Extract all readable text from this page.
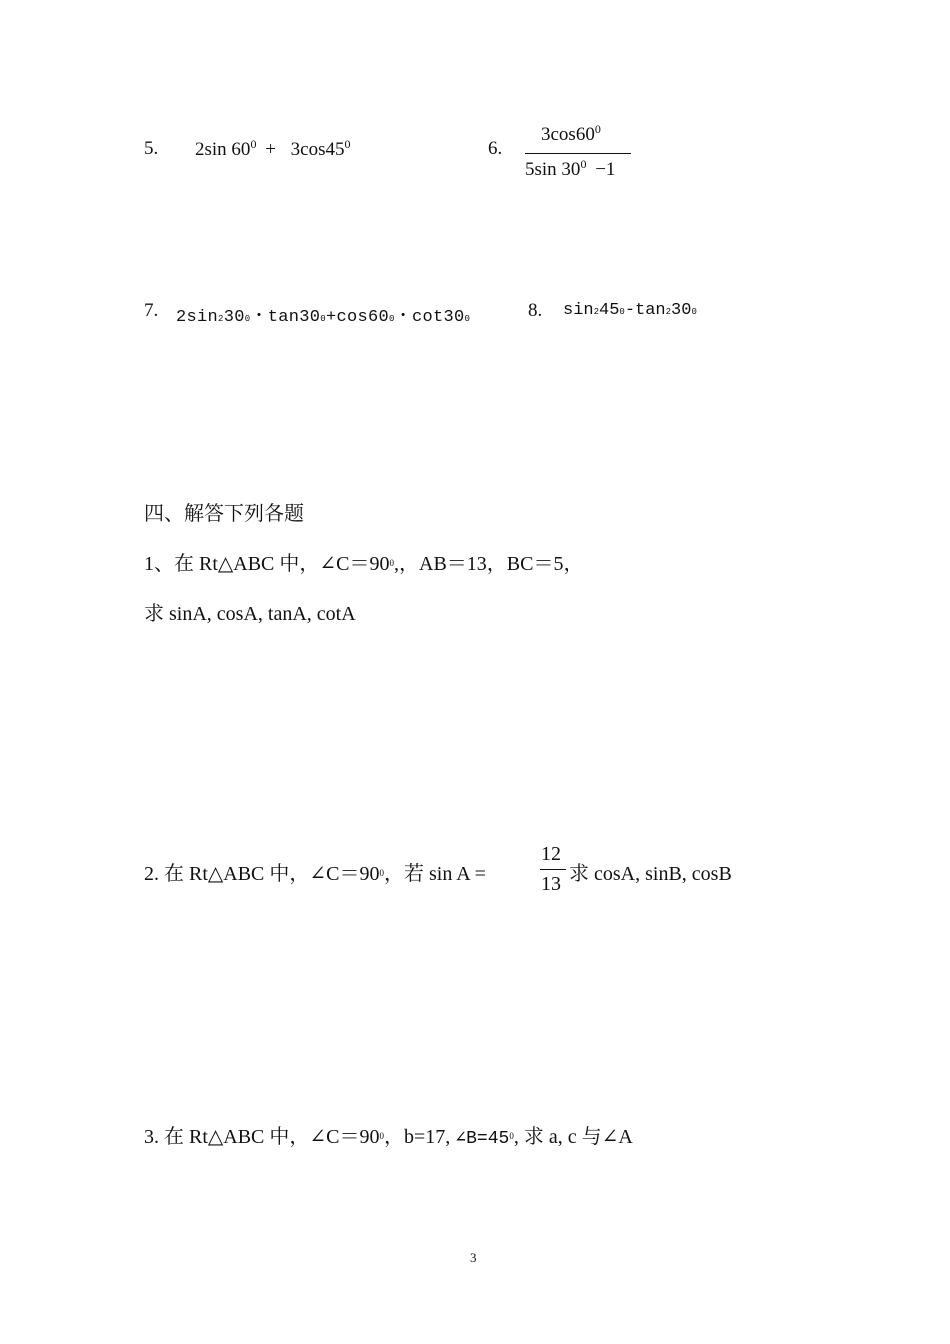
5. 2sin $60^0 + 3\cos 45^0$	6.
$3\cos 60^0$
5sin $30^0 -1$
7. 2sin2300・tan300+cos600・cot300	8. sin2450-tan2300
四、解答下列各题
1、在 Rt△ABC 中，$\angle C=90^0$,，AB＝13，BC＝5，
求 sinA, cosA, tanA, cotA
2. 在 Rt△ABC 中，$\angle C=90^0$，若 sin A =
12
13 求 cosA, sinB, cosB
3. 在 Rt△ABC 中，$\angle C=90^0$，b=17, $\angle B=45^0$, 求 a, c 与∠A
3
